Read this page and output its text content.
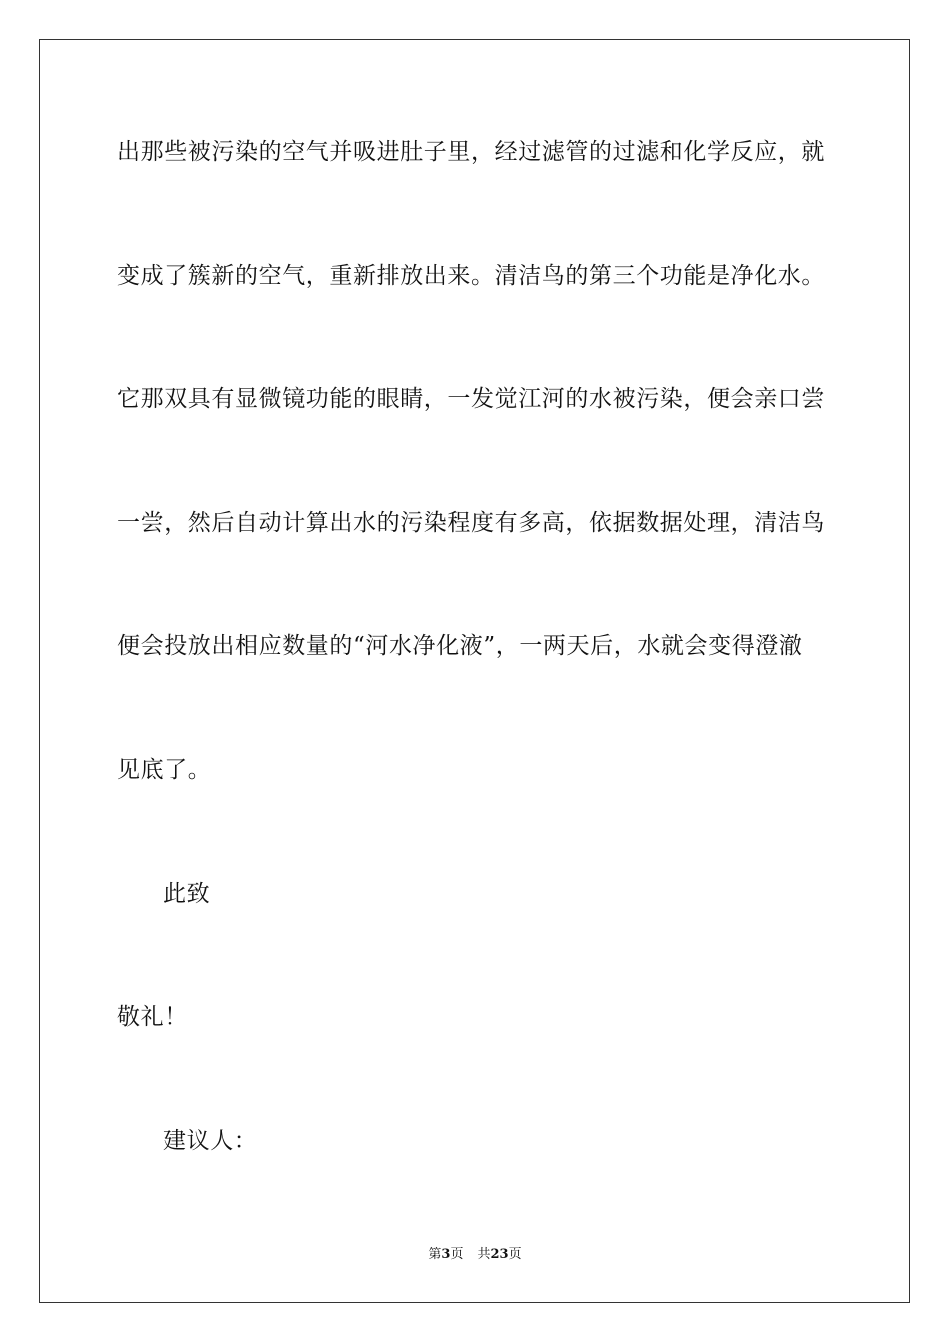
出那些被污染的空气并吸进肚子里，经过滤管的过滤和化学反应，就
变成了簇新的空气，重新排放出来。清洁鸟的第三个功能是净化水。
它那双具有显微镜功能的眼睛，一发觉江河的水被污染，便会亲口尝
一尝，然后自动计算出水的污染程度有多高，依据数据处理，清洁鸟
便会投放出相应数量的“河水净化液”，一两天后，水就会变得澄澈
见底了。
此致
敬礼！
建议人：
第3页 共23页
